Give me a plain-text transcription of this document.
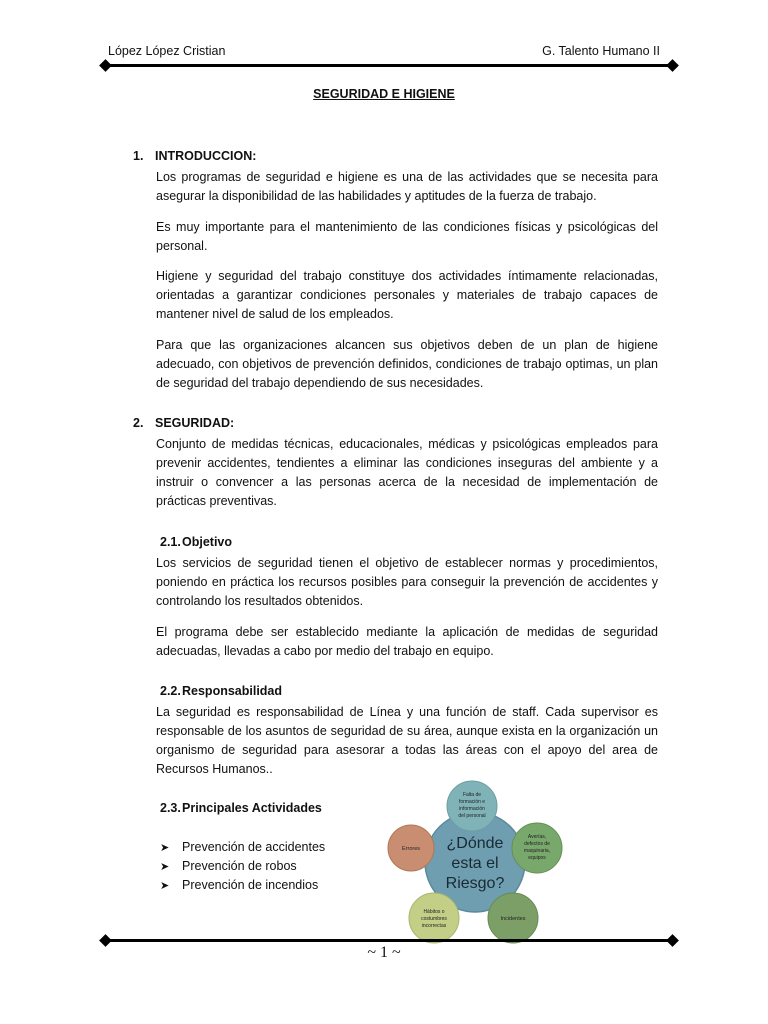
López López Cristian	G. Talento Humano II
SEGURIDAD E HIGIENE
1. INTRODUCCION:

Los programas de seguridad e higiene es una de las actividades que se necesita para asegurar la disponibilidad de las habilidades y aptitudes de la fuerza de trabajo.

Es muy importante para el mantenimiento de las condiciones físicas y psicológicas del personal.

Higiene y seguridad del trabajo constituye dos actividades íntimamente relacionadas, orientadas a garantizar condiciones personales y materiales de trabajo capaces de mantener nivel de salud de los empleados.

Para que las organizaciones alcancen sus objetivos deben de un plan de higiene adecuado, con objetivos de prevención definidos, condiciones de trabajo optimas, un plan de seguridad del trabajo dependiendo de sus necesidades.

2. SEGURIDAD:

Conjunto de medidas técnicas, educacionales, médicas y psicológicas empleados para prevenir accidentes, tendientes a eliminar las condiciones inseguras del ambiente y a instruir o convencer a las personas acerca de la necesidad de implementación de prácticas preventivas.

2.1.Objetivo

Los servicios de seguridad tienen el objetivo de establecer normas y procedimientos, poniendo en práctica los recursos posibles para conseguir la prevención de accidentes y controlando los resultados obtenidos.

El programa debe ser establecido mediante la aplicación de medidas de seguridad adecuadas, llevadas a cabo por medio del trabajo en equipo.

2.2.Responsabilidad

La seguridad es responsabilidad de Línea y una función de staff. Cada supervisor es responsable de los asuntos de seguridad de su área, aunque exista en la organización un organismo de seguridad para asesorar a todas las áreas con el apoyo del area de Recursos Humanos..

2.3.Principales Actividades
➤ Prevención de accidentes
➤ Prevención de robos
➤ Prevención de incendios
¿Dónde
esta el
Riesgo?
Falta de
formación e
información
del personal
Averías,
defectos de
maquinaria,
equipos
Incidentes
Hábitos o
costumbres
incorrectas
Errores
~ 1 ~
